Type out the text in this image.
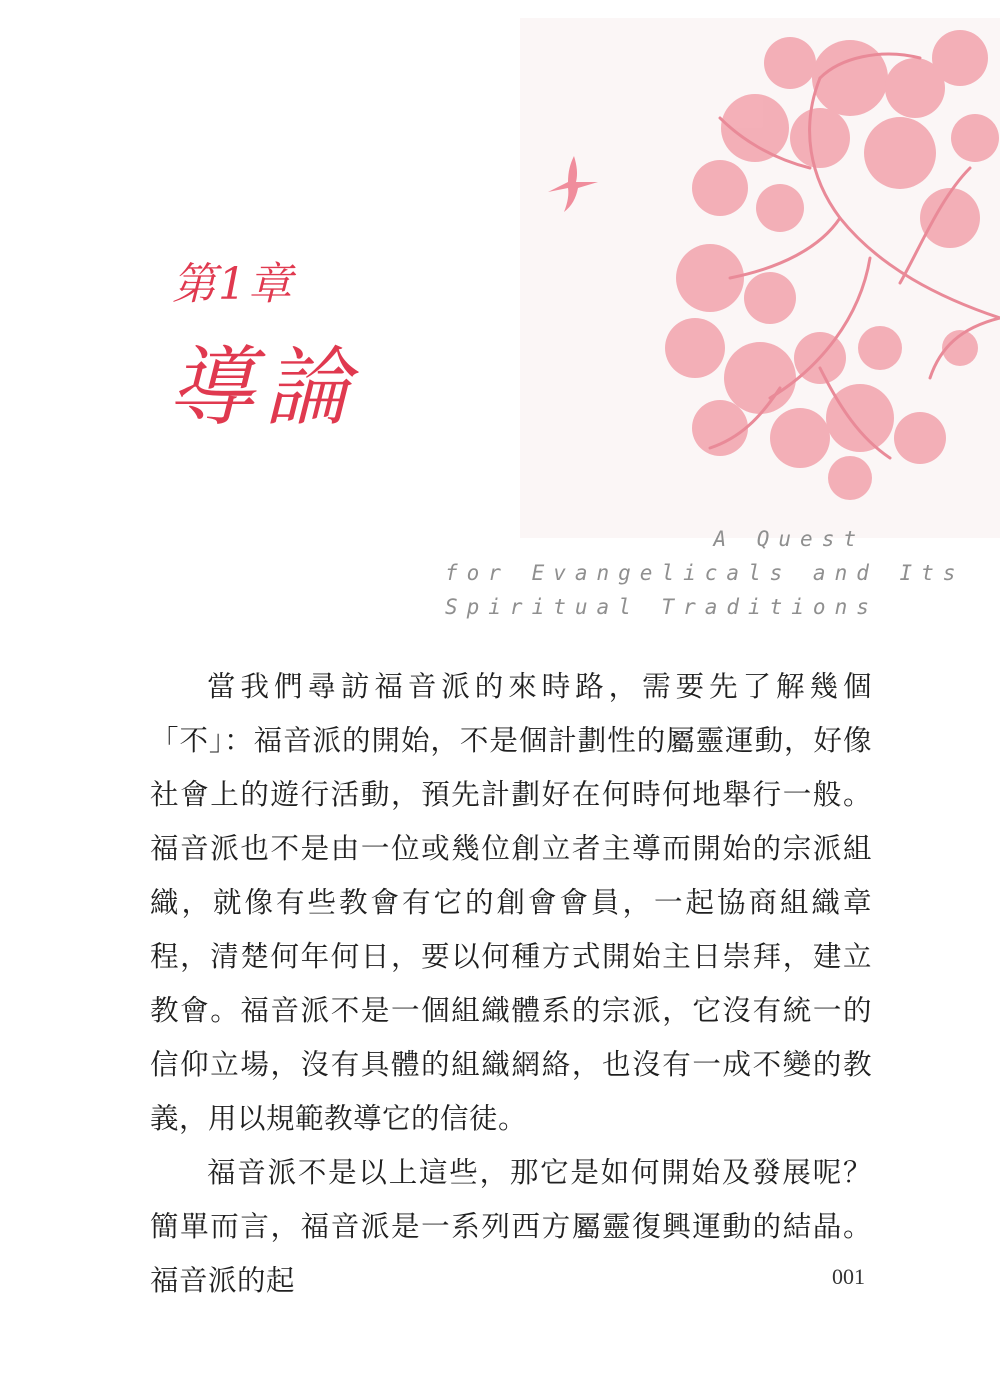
第1章
導論
A Quest
for Evangelicals and Its
Spiritual Traditions

當我們尋訪福音派的來時路，需要先了解幾個「不」：福音派的開始，不是個計劃性的屬靈運動，好像社會上的遊行活動，預先計劃好在何時何地舉行一般。福音派也不是由一位或幾位創立者主導而開始的宗派組織，就像有些教會有它的創會會員，一起協商組織章程，清楚何年何日，要以何種方式開始主日崇拜，建立教會。福音派不是一個組織體系的宗派，它沒有統一的信仰立場，沒有具體的組織網絡，也沒有一成不變的教義，用以規範教導它的信徒。

福音派不是以上這些，那它是如何開始及發展呢？簡單而言，福音派是一系列西方屬靈復興運動的結晶。福音派的起	001
